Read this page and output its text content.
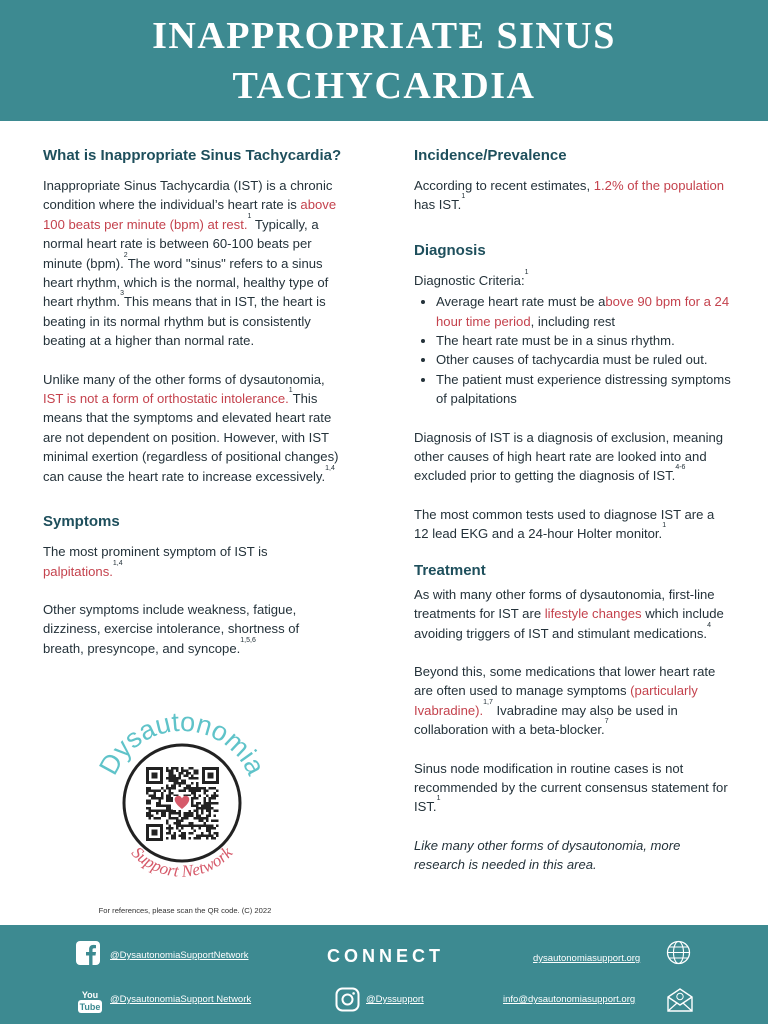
INAPPROPRIATE SINUS TACHYCARDIA
What is Inappropriate Sinus Tachycardia?

Inappropriate Sinus Tachycardia (IST) is a chronic condition where the individual’s heart rate is above 100 beats per minute (bpm) at rest.$^1$ Typically, a normal heart rate is between 60-100 beats per minute (bpm).$^2$The word "sinus" refers to a sinus heart rhythm, which is the normal, healthy type of heart rhythm.$^3$This means that in IST, the heart is beating in its normal rhythm but is consistently beating at a higher than normal rate.

Unlike many of the other forms of dysautonomia, IST is not a form of orthostatic intolerance.$^1$This means that the symptoms and elevated heart rate are not dependent on position. However, with IST minimal exertion (regardless of positional changes) can cause the heart rate to increase excessively.$^{1,4}$

Symptoms

The most prominent symptom of IST is palpitations.$^{1,4}$

Other symptoms include weakness, fatigue, dizziness, exercise intolerance, shortness of breath, presyncope, and syncope.$^{1,5,6}$

Dysautonomia
Support Network
For references, please scan the QR code. (C) 2022
Incidence/Prevalence

According to recent estimates, 1.2% of the population has IST.$^1$

Diagnosis

Diagnostic Criteria:$^1$

• Average heart rate must be above 90 bpm for a 24 hour time period, including rest
• The heart rate must be in a sinus rhythm.
• Other causes of tachycardia must be ruled out.
• The patient must experience distressing symptoms of palpitations

Diagnosis of IST is a diagnosis of exclusion, meaning other causes of high heart rate are looked into and excluded prior to getting the diagnosis of IST.$^{4-6}$

The most common tests used to diagnose IST are a 12 lead EKG and a 24-hour Holter monitor.$^1$

Treatment

As with many other forms of dysautonomia, first-line treatments for IST are lifestyle changes which include avoiding triggers of IST and stimulant medications.$^4$

Beyond this, some medications that lower heart rate are often used to manage symptoms (particularly Ivabradine).$^{1,7}$ Ivabradine may also be used in collaboration with a beta-blocker.$^7$

Sinus node modification in routine cases is not recommended by the current consensus statement for IST.$^1$

Like many other forms of dysautonomia, more research is needed in this area.

@DysautonomiaSupportNetwork	CONNECT	dysautonomiasupport.org
You
Tube
@DysautonomiaSupport Network	@Dyssupport	info@dysautonomiasupport.org
